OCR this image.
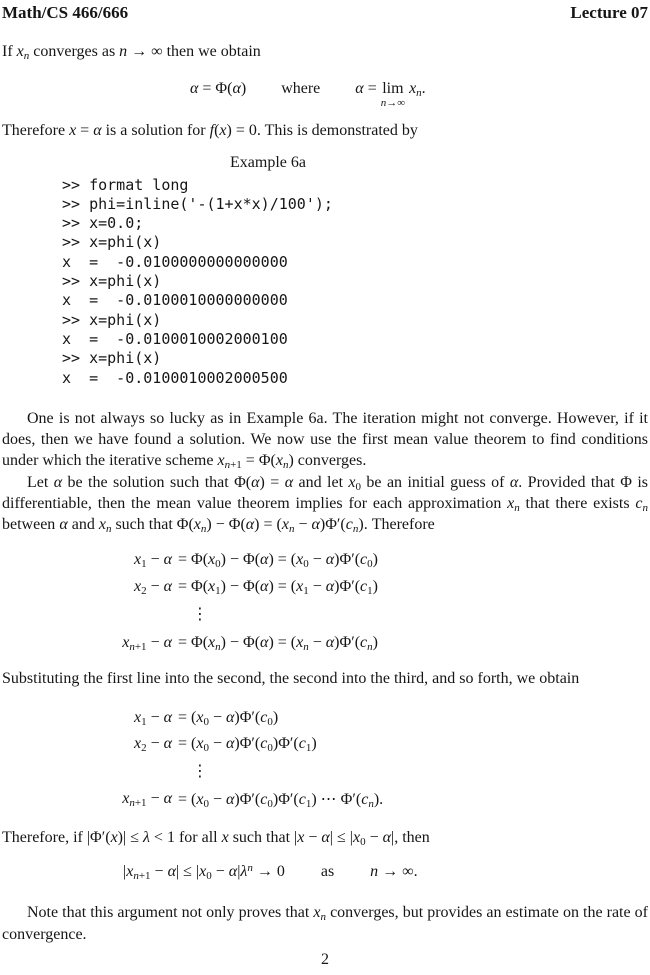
Math/CS 466/666	Lecture 07

If $x_n$ converges as n → ∞ then we obtain

α = Φ(α) where α = lim
n→∞
$x_n$.

Therefore x = α is a solution for f(x) = 0. This is demonstrated by

Example 6a
>> format long
>> phi=inline('-(1+x*x)/100');
>> x=0.0;
>> x=phi(x)
x  =  -0.0100000000000000
>> x=phi(x)
x  =  -0.0100010000000000
>> x=phi(x)
x  =  -0.0100010002000100
>> x=phi(x)
x  =  -0.0100010002000500

One is not always so lucky as in Example 6a. The iteration might not converge. However, if it does, then we have found a solution. We now use the first mean value theorem to find conditions under which the iterative scheme $x_{n+1} = \Phi(x_n)$ converges.

Let α be the solution such that Φ(α) = α and let $x_0$ be an initial guess of α. Provided that Φ is differentiable, then the mean value theorem implies for each approximation $x_n$ that there exists $c_n$ between α and $x_n$ such that $\Phi(x_n) - \Phi(\alpha) = (x_n - \alpha)\Phi'(c_n)$. Therefore

$x_1 - \alpha = \Phi(x_0) - \Phi(\alpha) = (x_0 - \alpha)\Phi'(c_0)$
$x_2 - \alpha = \Phi(x_1) - \Phi(\alpha) = (x_1 - \alpha)\Phi'(c_1)$
⋮
$x_{n+1} - \alpha = \Phi(x_n) - \Phi(\alpha) = (x_n - \alpha)\Phi'(c_n)$

Substituting the first line into the second, the second into the third, and so forth, we obtain

$x_1 - \alpha = (x_0 - \alpha)\Phi'(c_0)$
$x_2 - \alpha = (x_0 - \alpha)\Phi'(c_0)\Phi'(c_1)$
⋮
$x_{n+1} - \alpha = (x_0 - \alpha)\Phi'(c_0)\Phi'(c_1)$ ⋯ $\Phi'(c_n)$.

Therefore, if |Φ′(x)| ≤ λ < 1 for all x such that $|x - \alpha| \le |x_0 - \alpha|$, then

$|x_{n+1} - \alpha| \le |x_0 - \alpha|\lambda^n \to 0$ as n → ∞.

Note that this argument not only proves that $x_n$ converges, but provides an estimate on the rate of convergence.

2
